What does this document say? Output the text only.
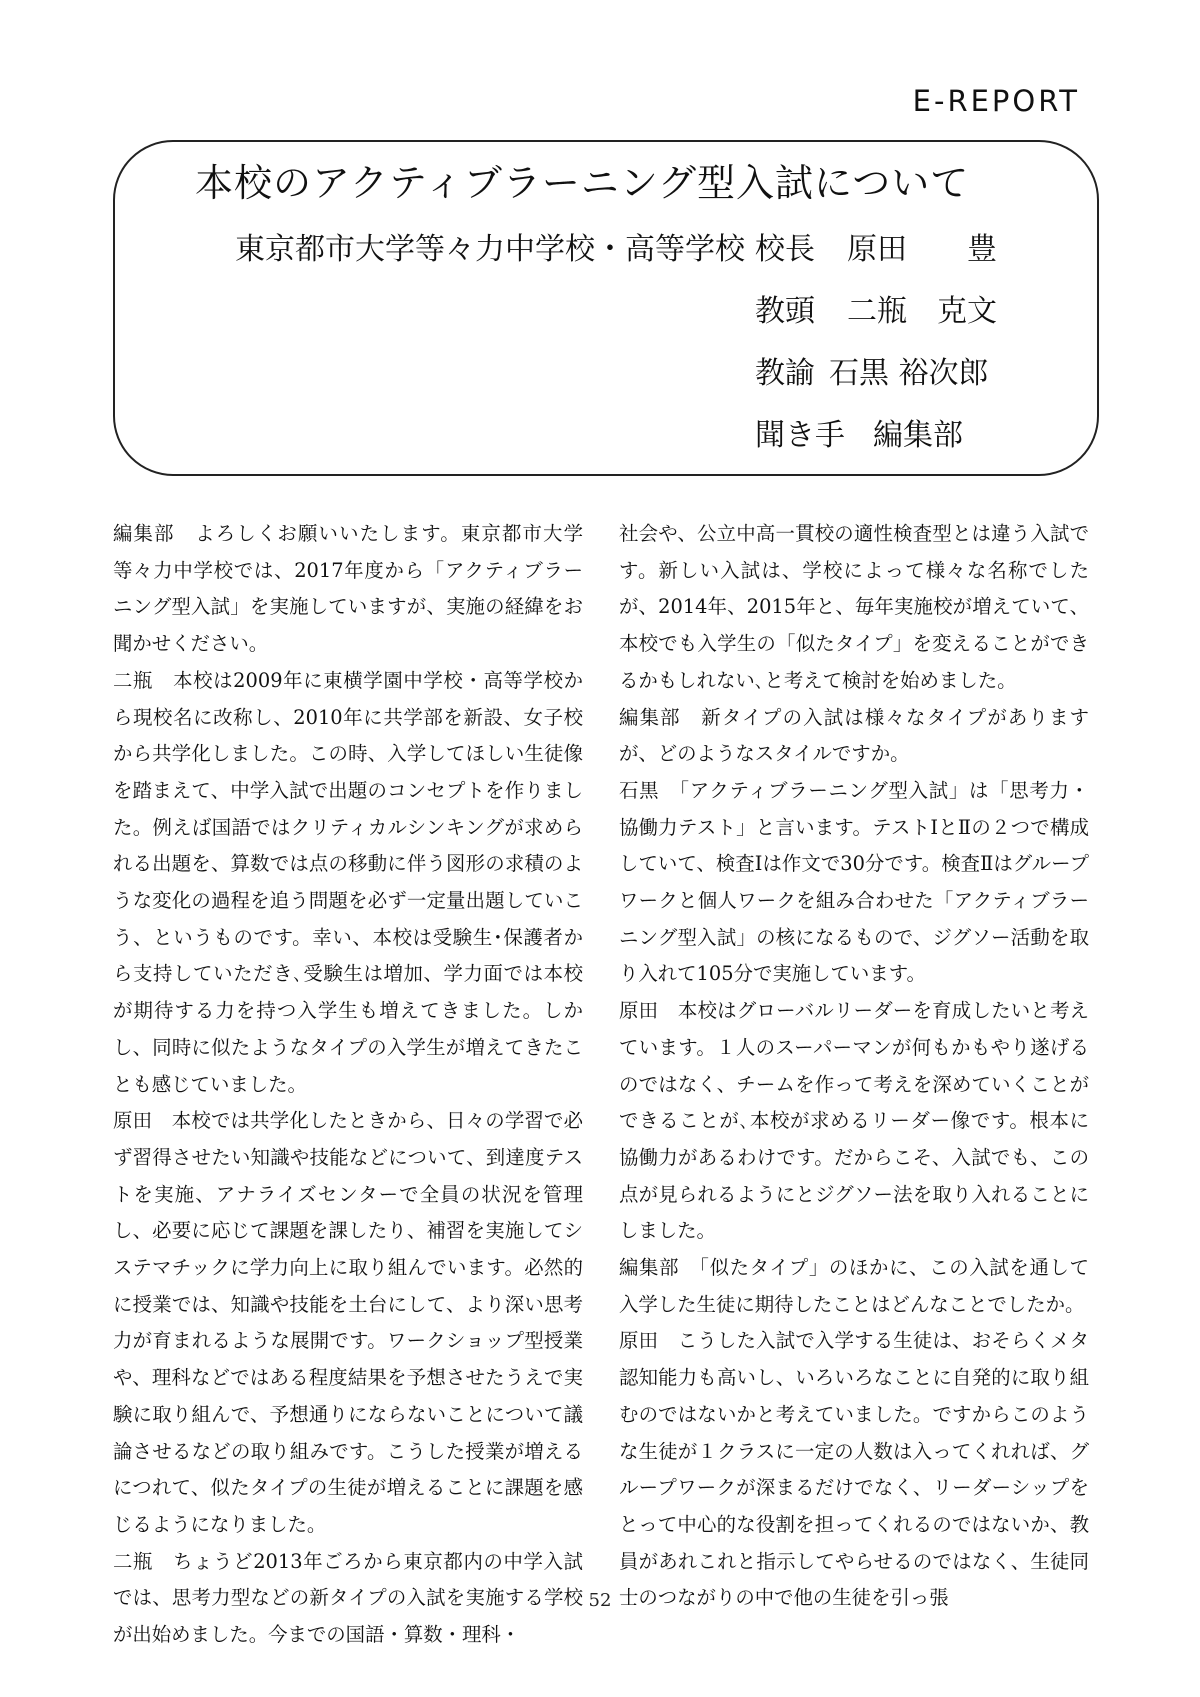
E-REPORT
本校のアクティブラーニング型入試について
東京都市大学等々力中学校・高等学校 校長 原田　　豊
教頭 二瓶　克文
教諭 石黒 裕次郎
聞き手 編集部

編集部　よろしくお願いいたします。東京都市大学等々力中学校では、2017年度から「アクティブラーニング型入試」を実施していますが、実施の経緯をお聞かせください。

二瓶　本校は2009年に東横学園中学校・高等学校から現校名に改称し、2010年に共学部を新設、女子校から共学化しました。この時、入学してほしい生徒像を踏まえて、中学入試で出題のコンセプトを作りました。例えば国語ではクリティカルシンキングが求められる出題を、算数では点の移動に伴う図形の求積のような変化の過程を追う問題を必ず一定量出題していこう、というものです。幸い、本校は受験生･保護者から支持していただき､受験生は増加、学力面では本校が期待する力を持つ入学生も増えてきました。しかし、同時に似たようなタイプの入学生が増えてきたことも感じていました。

原田　本校では共学化したときから、日々の学習で必ず習得させたい知識や技能などについて、到達度テストを実施、アナライズセンターで全員の状況を管理し、必要に応じて課題を課したり、補習を実施してシステマチックに学力向上に取り組んでいます。必然的に授業では、知識や技能を土台にして、より深い思考力が育まれるような展開です。ワークショップ型授業や、理科などではある程度結果を予想させたうえで実験に取り組んで、予想通りにならないことについて議論させるなどの取り組みです。こうした授業が増えるにつれて、似たタイプの生徒が増えることに課題を感じるようになりました。

二瓶　ちょうど2013年ごろから東京都内の中学入試では、思考力型などの新タイプの入試を実施する学校が出始めました。今までの国語・算数・理科・

社会や、公立中高一貫校の適性検査型とは違う入試です。新しい入試は、学校によって様々な名称でしたが、2014年、2015年と、毎年実施校が増えていて、本校でも入学生の「似たタイプ」を変えることができるかもしれない､と考えて検討を始めました。

編集部　新タイプの入試は様々なタイプがありますが、どのようなスタイルですか。

石黒　「アクティブラーニング型入試」は「思考力・協働力テスト」と言います。テストⅠとⅡの２つで構成していて、検査Ⅰは作文で30分です。検査Ⅱはグループワークと個人ワークを組み合わせた「アクティブラーニング型入試」の核になるもので、ジグソー活動を取り入れて105分で実施しています。

原田　本校はグローバルリーダーを育成したいと考えています。１人のスーパーマンが何もかもやり遂げるのではなく、チームを作って考えを深めていくことができることが､本校が求めるリーダー像です。根本に協働力があるわけです。だからこそ、入試でも、この点が見られるようにとジグソー法を取り入れることにしました。

編集部　「似たタイプ」のほかに、この入試を通して入学した生徒に期待したことはどんなことでしたか。

原田　こうした入試で入学する生徒は、おそらくメタ認知能力も高いし、いろいろなことに自発的に取り組むのではないかと考えていました。ですからこのような生徒が１クラスに一定の人数は入ってくれれば、グループワークが深まるだけでなく、リーダーシップをとって中心的な役割を担ってくれるのではないか、教員があれこれと指示してやらせるのではなく、生徒同士のつながりの中で他の生徒を引っ張

52
